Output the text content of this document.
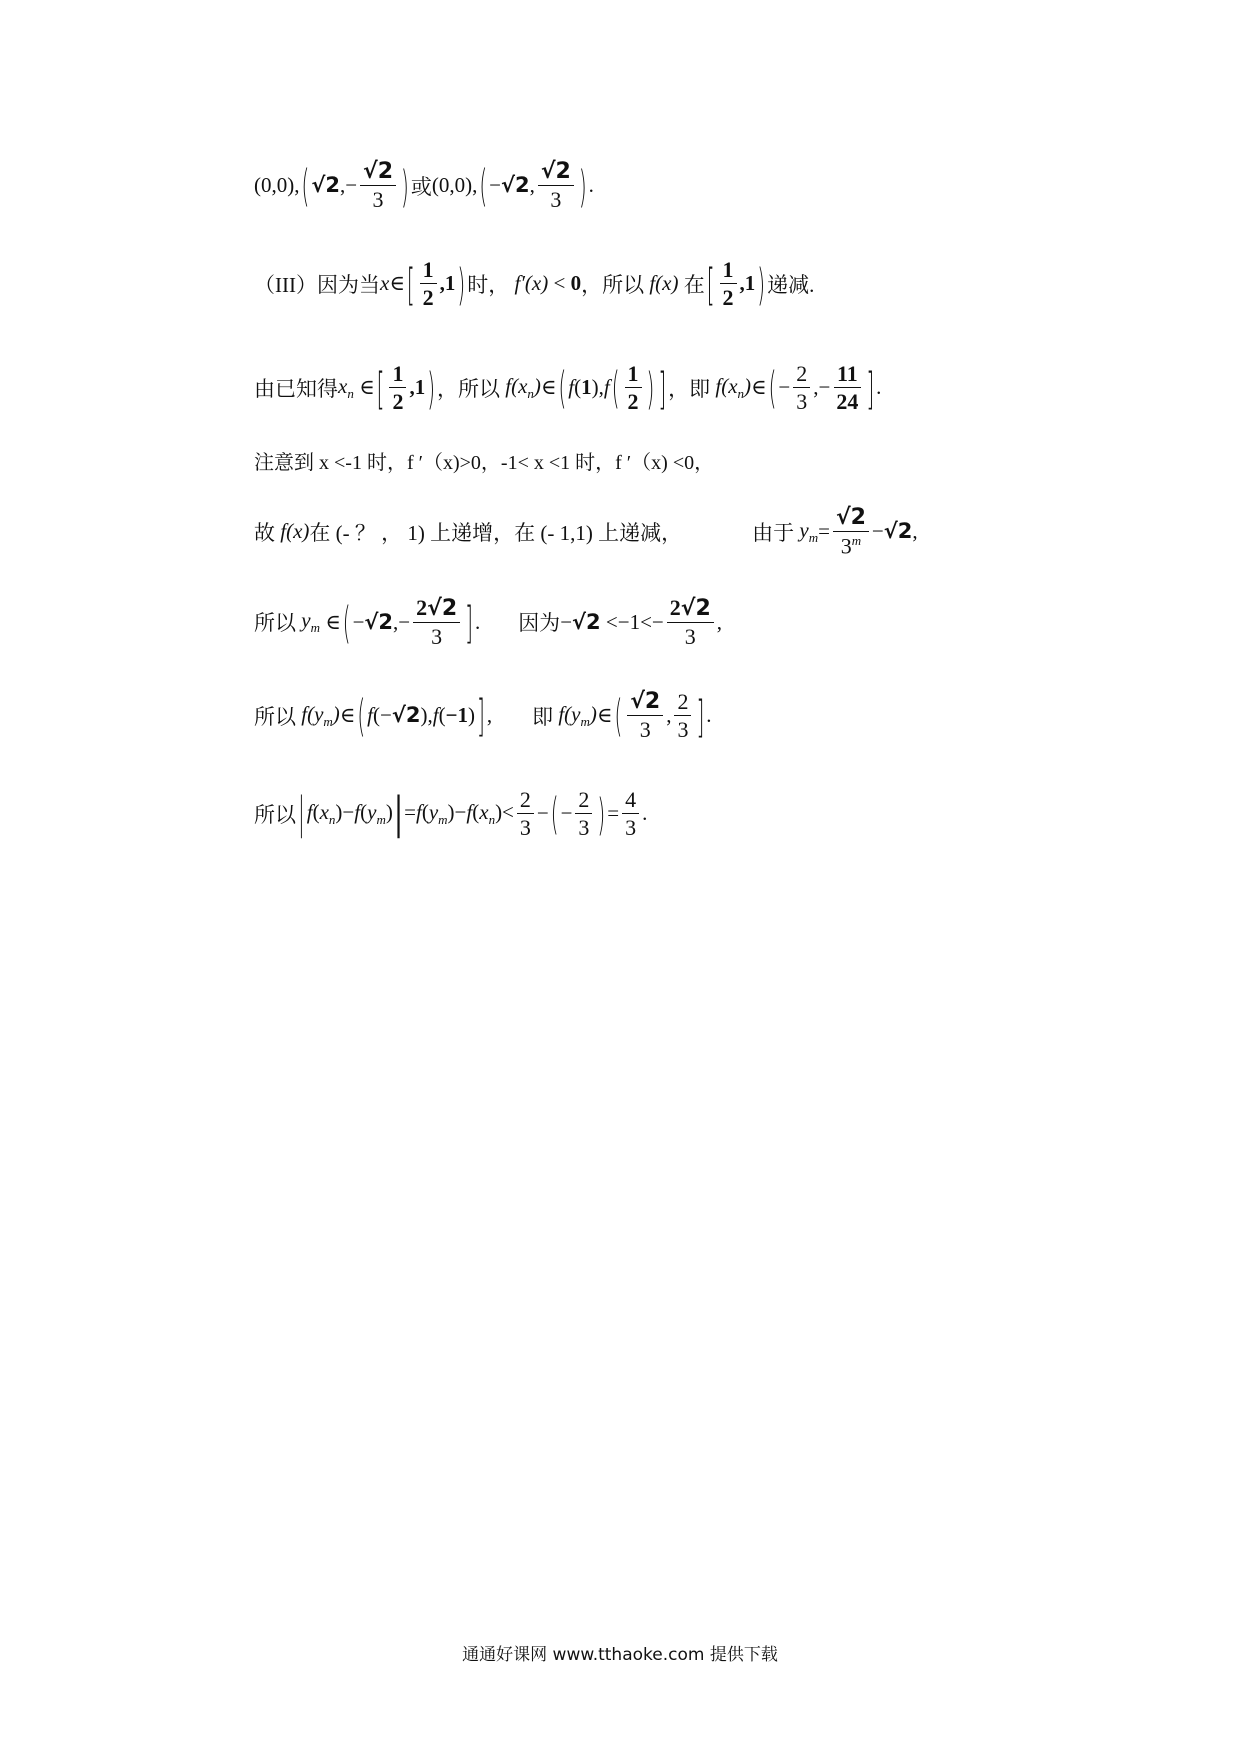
(0,0), ($√2,- \frac{√2}{3}$ ) 或 (0,0), (−√2, $\frac{√2}{3}$ ) .
（III）因为当 x ∈ [ $\frac{1}{2} ,1$ ) 时， f′(x) < 0 ，所以 f(x) 在 [ $\frac{1}{2} ,1$ ) 递减.
由已知得 $x_n$ ∈ [ $\frac{1}{2} ,1$ ) ，所以 $f(x_n)$ ∈ (f(1),f ( $\frac{1}{2}$ ) ] ，即 $f(x_n)$ ∈ (− $\frac{2}{3}$ ,− $\frac{11}{24}$ ] .
注意到 x <-1 时，f ′（x)>0，-1< x <1 时，f ′（x) <0，
故 f(x) 在 (- ？ ， 1) 上递增，在 (- 1,1) 上递减，	由于 $y_m = \frac{√2}{3^m} -√2$,
所以 $y_m$ ∈ ($-√2,- \frac{2√2}{3}$ ] . 因为 $-√2 <-1<- \frac{2√2}{3}$ ,
所以 $f(y_m)$ ∈ (f(−√2),f(−1) ], 即 $f(y_m)$ ∈ ( $\frac{√2}{3}$ , $\frac{2}{3}$ ] .
所以 $|f(x_n)-f(y_m)$ $|=f(y_m)-f(x_n)< \frac{2}{3}$ − (− $\frac{2}{3}$ ) = $\frac{4}{3}$ .
通通好课网 www.tthaoke.com 提供下载
